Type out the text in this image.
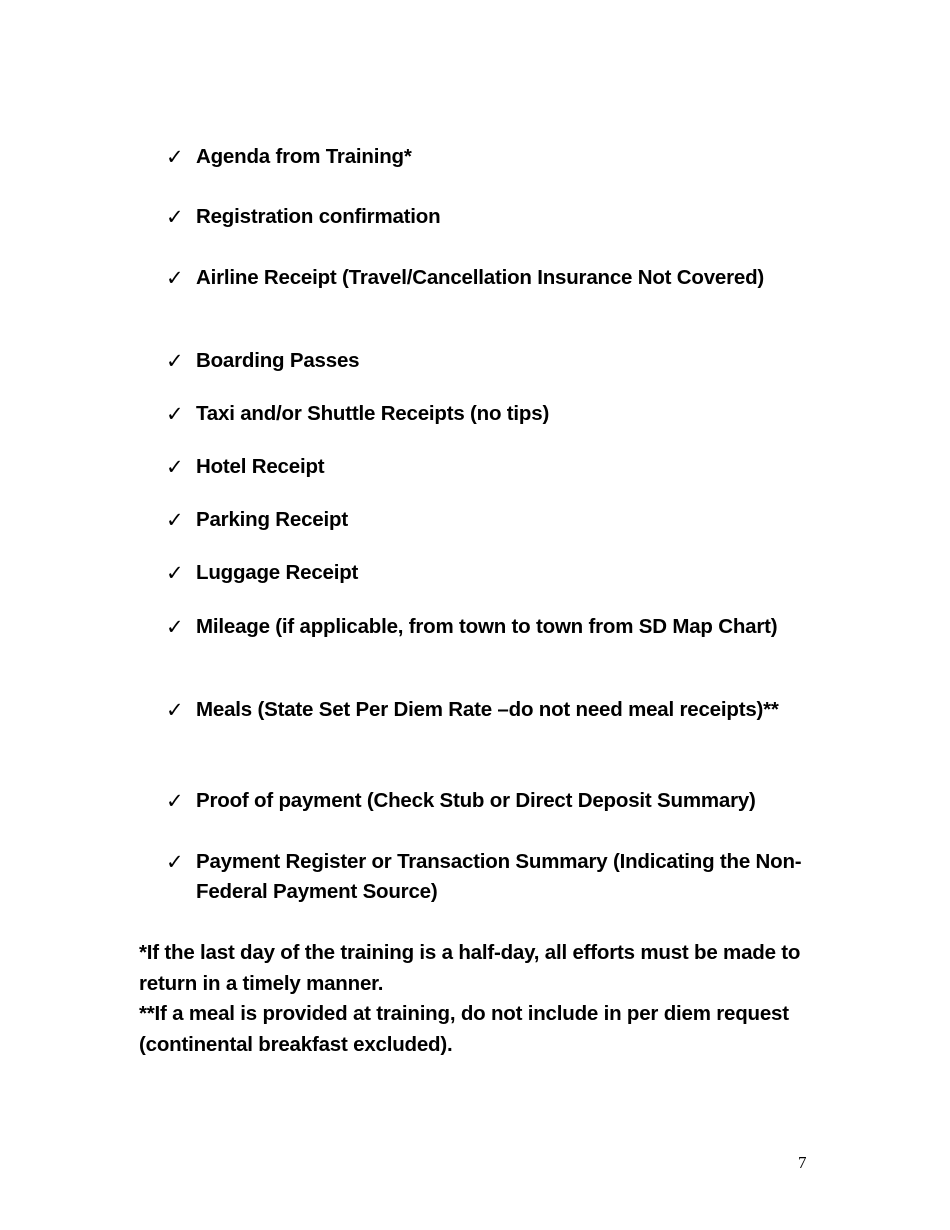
✓ Agenda from Training*
✓ Registration confirmation
✓ Airline Receipt (Travel/Cancellation Insurance Not Covered)
✓ Boarding Passes
✓ Taxi and/or Shuttle Receipts (no tips)
✓ Hotel Receipt
✓ Parking Receipt
✓ Luggage Receipt
✓ Mileage (if applicable, from town to town from SD Map Chart)
✓ Meals (State Set Per Diem Rate –do not need meal receipts)**
✓ Proof of payment (Check Stub or Direct Deposit Summary)
✓ Payment Register or Transaction Summary (Indicating the Non-Federal Payment Source)

*If the last day of the training is a half-day, all efforts must be made to return in a timely manner.

**If a meal is provided at training, do not include in per diem request (continental breakfast excluded).

7
